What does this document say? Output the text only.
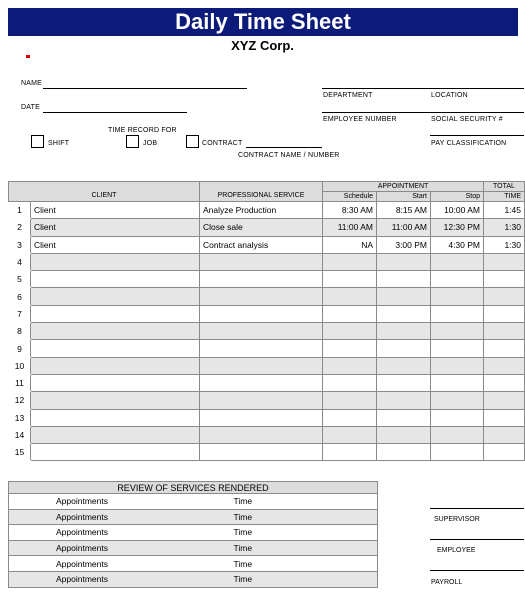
Daily Time Sheet
XYZ Corp.
NAME
DATE
TIME RECORD FOR
SHIFT	JOB	CONTRACT
CONTRACT NAME / NUMBER
DEPARTMENT	LOCATION
EMPLOYEE NUMBER	SOCIAL SECURITY #
PAY CLASSIFICATION
CLIENT		PROFESSIONAL SERVICE	APPOINTMENT			TOTAL
			Schedule	Start	Stop	TIME
1	Client	Analyze Production	8:30 AM	8:15 AM	10:00 AM	1:45
2	Client	Close sale	11:00 AM	11:00 AM	12:30 PM	1:30
3	Client	Contract analysis	NA	3:00 PM	4:30 PM	1:30
4						
5						
6						
7						
8						
9						
10						
11						
12						
13						
14						
15						
REVIEW OF SERVICES RENDERED	
Appointments	Time
Appointments	Time
Appointments	Time
Appointments	Time
Appointments	Time
Appointments	Time
SUPERVISOR
EMPLOYEE
PAYROLL
